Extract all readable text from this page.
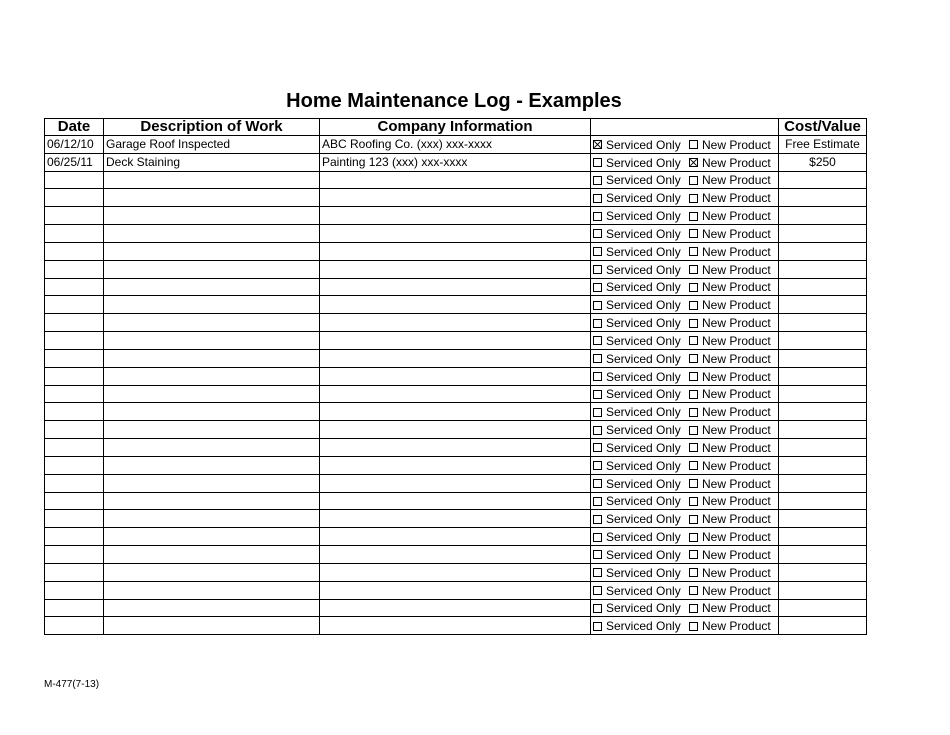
Home Maintenance Log - Examples
Date	Description of Work	Company Information		Cost/Value
06/12/10	Garage Roof Inspected	ABC Roofing Co. (xxx) xxx-xxxx	Serviced Only New Product	Free Estimate
06/25/11	Deck Staining	Painting 123 (xxx) xxx-xxxx	Serviced Only New Product	$250

			Serviced Only New Product	

			Serviced Only New Product	

			Serviced Only New Product	

			Serviced Only New Product	

			Serviced Only New Product	

			Serviced Only New Product	

			Serviced Only New Product	

			Serviced Only New Product	

			Serviced Only New Product	

			Serviced Only New Product	

			Serviced Only New Product	

			Serviced Only New Product	

			Serviced Only New Product	

			Serviced Only New Product	

			Serviced Only New Product	

			Serviced Only New Product	

			Serviced Only New Product	

			Serviced Only New Product	

			Serviced Only New Product	

			Serviced Only New Product	

			Serviced Only New Product	

			Serviced Only New Product	

			Serviced Only New Product	

			Serviced Only New Product	

			Serviced Only New Product	

			Serviced Only New Product	

M-477(7-13)
